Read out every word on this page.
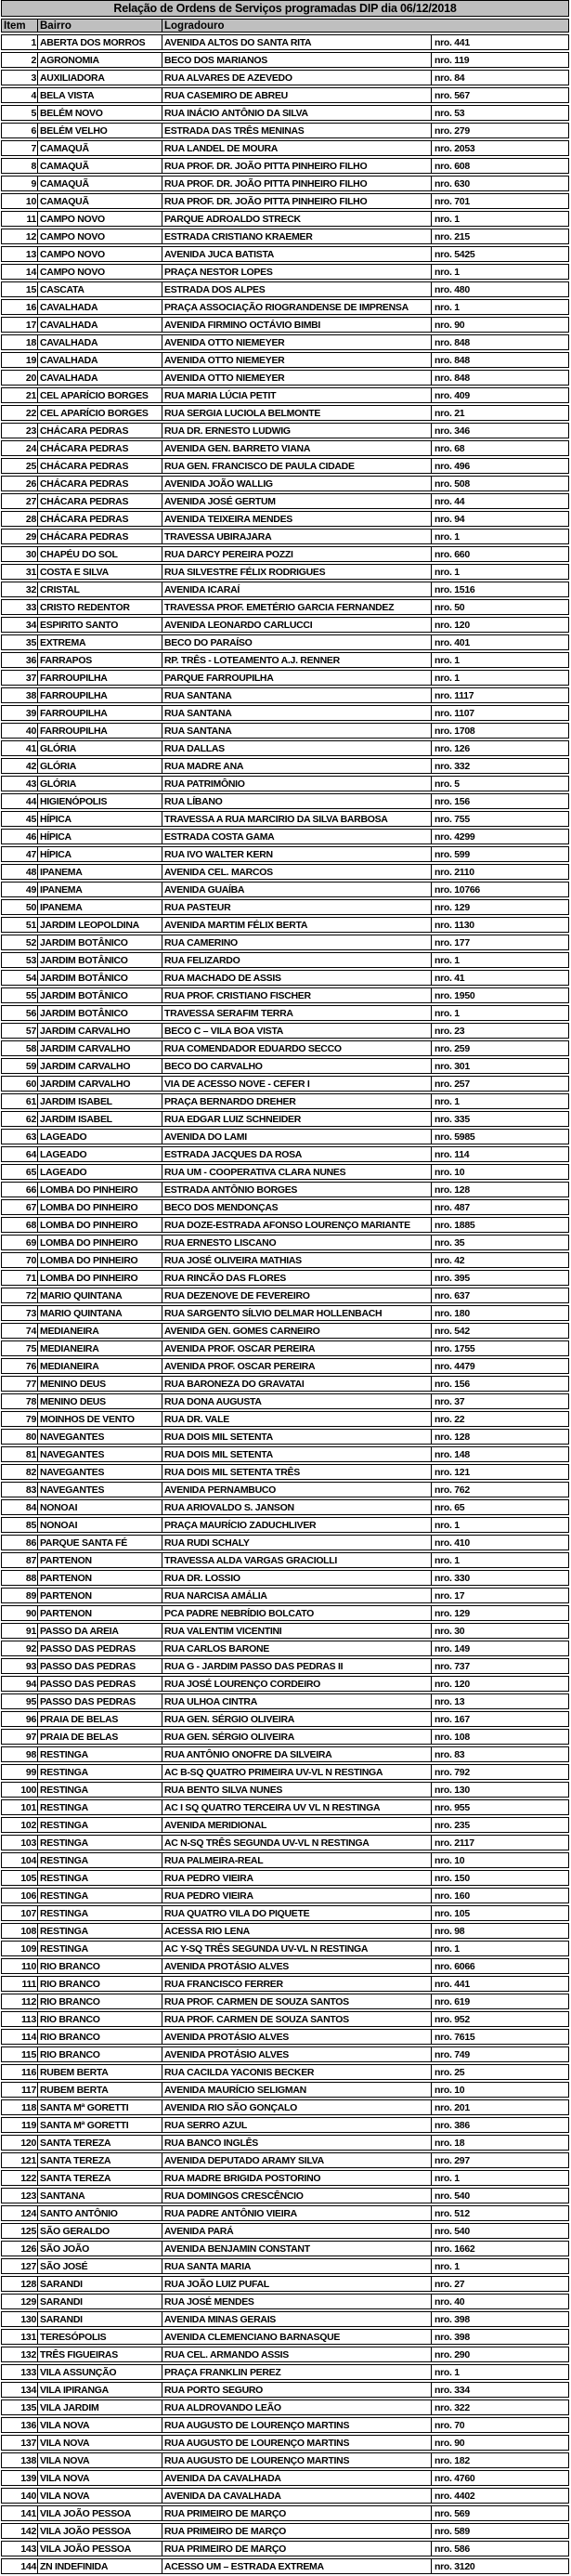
Relação de Ordens de Serviços programadas DIP dia 06/12/2018
Item	Bairro	Logradouro
1 ABERTA DOS MORROS	AVENIDA ALTOS DO SANTA RITA	nro. 441
2 AGRONOMIA	BECO DOS MARIANOS	nro. 119
3 AUXILIADORA	RUA ALVARES DE AZEVEDO	nro. 84
4 BELA VISTA	RUA CASEMIRO DE ABREU	nro. 567
5 BELÉM NOVO	RUA INÁCIO ANTÔNIO DA SILVA	nro. 53
6 BELÉM VELHO	ESTRADA DAS TRÊS MENINAS	nro. 279
7 CAMAQUÃ	RUA LANDEL DE MOURA	nro. 2053
8 CAMAQUÃ	RUA PROF. DR. JOÃO PITTA PINHEIRO FILHO	nro. 608
9 CAMAQUÃ	RUA PROF. DR. JOÃO PITTA PINHEIRO FILHO	nro. 630
10 CAMAQUÃ	RUA PROF. DR. JOÃO PITTA PINHEIRO FILHO	nro. 701
11 CAMPO NOVO	PARQUE ADROALDO STRECK	nro. 1
12 CAMPO NOVO	ESTRADA CRISTIANO KRAEMER	nro. 215
13 CAMPO NOVO	AVENIDA JUCA BATISTA	nro. 5425
14 CAMPO NOVO	PRAÇA NESTOR LOPES	nro. 1
15 CASCATA	ESTRADA DOS ALPES	nro. 480
16 CAVALHADA	PRAÇA ASSOCIAÇÃO RIOGRANDENSE DE IMPRENSA	nro. 1
17 CAVALHADA	AVENIDA FIRMINO OCTÁVIO BIMBI	nro. 90
18 CAVALHADA	AVENIDA OTTO NIEMEYER	nro. 848
19 CAVALHADA	AVENIDA OTTO NIEMEYER	nro. 848
20 CAVALHADA	AVENIDA OTTO NIEMEYER	nro. 848
21 CEL APARÍCIO BORGES	RUA MARIA LÚCIA PETIT	nro. 409
22 CEL APARÍCIO BORGES	RUA SERGIA LUCIOLA BELMONTE	nro. 21
23 CHÁCARA PEDRAS	RUA DR. ERNESTO LUDWIG	nro. 346
24 CHÁCARA PEDRAS	AVENIDA GEN. BARRETO VIANA	nro. 68
25 CHÁCARA PEDRAS	RUA GEN. FRANCISCO DE PAULA CIDADE	nro. 496
26 CHÁCARA PEDRAS	AVENIDA JOÃO WALLIG	nro. 508
27 CHÁCARA PEDRAS	AVENIDA JOSÉ GERTUM	nro. 44
28 CHÁCARA PEDRAS	AVENIDA TEIXEIRA MENDES	nro. 94
29 CHÁCARA PEDRAS	TRAVESSA UBIRAJARA	nro. 1
30 CHAPÉU DO SOL	RUA DARCY PEREIRA POZZI	nro. 660
31 COSTA E SILVA	RUA SILVESTRE FÉLIX RODRIGUES	nro. 1
32 CRISTAL	AVENIDA ICARAÍ	nro. 1516
33 CRISTO REDENTOR	TRAVESSA PROF. EMETÉRIO GARCIA FERNANDEZ	nro. 50
34 ESPIRITO SANTO	AVENIDA LEONARDO CARLUCCI	nro. 120
35 EXTREMA	BECO DO PARAÍSO	nro. 401
36 FARRAPOS	RP. TRÊS - LOTEAMENTO A.J. RENNER	nro. 1
37 FARROUPILHA	PARQUE FARROUPILHA	nro. 1
38 FARROUPILHA	RUA SANTANA	nro. 1117
39 FARROUPILHA	RUA SANTANA	nro. 1107
40 FARROUPILHA	RUA SANTANA	nro. 1708
41 GLÓRIA	RUA DALLAS	nro. 126
42 GLÓRIA	RUA MADRE ANA	nro. 332
43 GLÓRIA	RUA PATRIMÔNIO	nro. 5
44 HIGIENÓPOLIS	RUA LÍBANO	nro. 156
45 HÍPICA	TRAVESSA A RUA MARCIRIO DA SILVA BARBOSA	nro. 755
46 HÍPICA	ESTRADA COSTA GAMA	nro. 4299
47 HÍPICA	RUA IVO WALTER KERN	nro. 599
48 IPANEMA	AVENIDA CEL. MARCOS	nro. 2110
49 IPANEMA	AVENIDA GUAÍBA	nro. 10766
50 IPANEMA	RUA PASTEUR	nro. 129
51 JARDIM LEOPOLDINA	AVENIDA MARTIM FÉLIX BERTA	nro. 1130
52 JARDIM BOTÂNICO	RUA CAMERINO	nro. 177
53 JARDIM BOTÂNICO	RUA FELIZARDO	nro. 1
54 JARDIM BOTÂNICO	RUA MACHADO DE ASSIS	nro. 41
55 JARDIM BOTÂNICO	RUA PROF. CRISTIANO FISCHER	nro. 1950
56 JARDIM BOTÂNICO	TRAVESSA SERAFIM TERRA	nro. 1
57 JARDIM CARVALHO	BECO C – VILA BOA VISTA	nro. 23
58 JARDIM CARVALHO	RUA COMENDADOR EDUARDO SECCO	nro. 259
59 JARDIM CARVALHO	BECO DO CARVALHO	nro. 301
60 JARDIM CARVALHO	VIA DE ACESSO NOVE - CEFER I	nro. 257
61 JARDIM ISABEL	PRAÇA BERNARDO DREHER	nro. 1
62 JARDIM ISABEL	RUA EDGAR LUIZ SCHNEIDER	nro. 335
63 LAGEADO	AVENIDA DO LAMI	nro. 5985
64 LAGEADO	ESTRADA JACQUES DA ROSA	nro. 114
65 LAGEADO	RUA UM - COOPERATIVA CLARA NUNES	nro. 10
66 LOMBA DO PINHEIRO	ESTRADA ANTÔNIO BORGES	nro. 128
67 LOMBA DO PINHEIRO	BECO DOS MENDONÇAS	nro. 487
68 LOMBA DO PINHEIRO	RUA DOZE-ESTRADA AFONSO LOURENÇO MARIANTE	nro. 1885
69 LOMBA DO PINHEIRO	RUA ERNESTO LISCANO	nro. 35
70 LOMBA DO PINHEIRO	RUA JOSÉ OLIVEIRA MATHIAS	nro. 42
71 LOMBA DO PINHEIRO	RUA RINCÃO DAS FLORES	nro. 395
72 MARIO QUINTANA	RUA DEZENOVE DE FEVEREIRO	nro. 637
73 MARIO QUINTANA	RUA SARGENTO SÍLVIO DELMAR HOLLENBACH	nro. 180
74 MEDIANEIRA	AVENIDA GEN. GOMES CARNEIRO	nro. 542
75 MEDIANEIRA	AVENIDA PROF. OSCAR PEREIRA	nro. 1755
76 MEDIANEIRA	AVENIDA PROF. OSCAR PEREIRA	nro. 4479
77 MENINO DEUS	RUA BARONEZA DO GRAVATAI	nro. 156
78 MENINO DEUS	RUA DONA AUGUSTA	nro. 37
79 MOINHOS DE VENTO	RUA DR. VALE	nro. 22
80 NAVEGANTES	RUA DOIS MIL SETENTA	nro. 128
81 NAVEGANTES	RUA DOIS MIL SETENTA	nro. 148
82 NAVEGANTES	RUA DOIS MIL SETENTA TRÊS	nro. 121
83 NAVEGANTES	AVENIDA PERNAMBUCO	nro. 762
84 NONOAI	RUA ARIOVALDO S. JANSON	nro. 65
85 NONOAI	PRAÇA MAURÍCIO ZADUCHLIVER	nro. 1
86 PARQUE SANTA FÉ	RUA RUDI SCHALY	nro. 410
87 PARTENON	TRAVESSA ALDA VARGAS GRACIOLLI	nro. 1
88 PARTENON	RUA DR. LOSSIO	nro. 330
89 PARTENON	RUA NARCISA AMÁLIA	nro. 17
90 PARTENON	PCA PADRE NEBRÍDIO BOLCATO	nro. 129
91 PASSO DA AREIA	RUA VALENTIM VICENTINI	nro. 30
92 PASSO DAS PEDRAS	RUA CARLOS BARONE	nro. 149
93 PASSO DAS PEDRAS	RUA G - JARDIM PASSO DAS PEDRAS II	nro. 737
94 PASSO DAS PEDRAS	RUA JOSÉ LOURENÇO CORDEIRO	nro. 120
95 PASSO DAS PEDRAS	RUA ULHOA CINTRA	nro. 13
96 PRAIA DE BELAS	RUA GEN. SÉRGIO OLIVEIRA	nro. 167
97 PRAIA DE BELAS	RUA GEN. SÉRGIO OLIVEIRA	nro. 108
98 RESTINGA	RUA ANTÔNIO ONOFRE DA SILVEIRA	nro. 83
99 RESTINGA	AC B-SQ QUATRO PRIMEIRA UV-VL N RESTINGA	nro. 792
100 RESTINGA	RUA BENTO SILVA NUNES	nro. 130
101 RESTINGA	AC I SQ QUATRO TERCEIRA UV VL N RESTINGA	nro. 955
102 RESTINGA	AVENIDA MERIDIONAL	nro. 235
103 RESTINGA	AC N-SQ TRÊS SEGUNDA UV-VL N RESTINGA	nro. 2117
104 RESTINGA	RUA PALMEIRA-REAL	nro. 10
105 RESTINGA	RUA PEDRO VIEIRA	nro. 150
106 RESTINGA	RUA PEDRO VIEIRA	nro. 160
107 RESTINGA	RUA QUATRO VILA DO PIQUETE	nro. 105
108 RESTINGA	ACESSA RIO LENA	nro. 98
109 RESTINGA	AC Y-SQ TRÊS SEGUNDA UV-VL N RESTINGA	nro. 1
110 RIO BRANCO	AVENIDA PROTÁSIO ALVES	nro. 6066
111 RIO BRANCO	RUA FRANCISCO FERRER	nro. 441
112 RIO BRANCO	RUA PROF. CARMEN DE SOUZA SANTOS	nro. 619
113 RIO BRANCO	RUA PROF. CARMEN DE SOUZA SANTOS	nro. 952
114 RIO BRANCO	AVENIDA PROTÁSIO ALVES	nro. 7615
115 RIO BRANCO	AVENIDA PROTÁSIO ALVES	nro. 749
116 RUBEM BERTA	RUA CACILDA YACONIS BECKER	nro. 25
117 RUBEM BERTA	AVENIDA MAURÍCIO SELIGMAN	nro. 10
118 SANTA Mª GORETTI	AVENIDA RIO SÃO GONÇALO	nro. 201
119 SANTA Mª GORETTI	RUA SERRO AZUL	nro. 386
120 SANTA TEREZA	RUA BANCO INGLÊS	nro. 18
121 SANTA TEREZA	AVENIDA DEPUTADO ARAMY SILVA	nro. 297
122 SANTA TEREZA	RUA MADRE BRIGIDA POSTORINO	nro. 1
123 SANTANA	RUA DOMINGOS CRESCÊNCIO	nro. 540
124 SANTO ANTÔNIO	RUA PADRE ANTÔNIO VIEIRA	nro. 512
125 SÃO GERALDO	AVENIDA PARÁ	nro. 540
126 SÃO JOÃO	AVENIDA BENJAMIN CONSTANT	nro. 1662
127 SÃO JOSÉ	RUA SANTA MARIA	nro. 1
128 SARANDI	RUA JOÃO LUIZ PUFAL	nro. 27
129 SARANDI	RUA JOSÉ MENDES	nro. 40
130 SARANDI	AVENIDA MINAS GERAIS	nro. 398
131 TERESÓPOLIS	AVENIDA CLEMENCIANO BARNASQUE	nro. 398
132 TRÊS FIGUEIRAS	RUA CEL. ARMANDO ASSIS	nro. 290
133 VILA ASSUNÇÃO	PRAÇA FRANKLIN PEREZ	nro. 1
134 VILA IPIRANGA	RUA PORTO SEGURO	nro. 334
135 VILA JARDIM	RUA ALDROVANDO LEÃO	nro. 322
136 VILA NOVA	RUA AUGUSTO DE LOURENÇO MARTINS	nro. 70
137 VILA NOVA	RUA AUGUSTO DE LOURENÇO MARTINS	nro. 90
138 VILA NOVA	RUA AUGUSTO DE LOURENÇO MARTINS	nro. 182
139 VILA NOVA	AVENIDA DA CAVALHADA	nro. 4760
140 VILA NOVA	AVENIDA DA CAVALHADA	nro. 4402
141 VILA JOÃO PESSOA	RUA PRIMEIRO DE MARÇO	nro. 569
142 VILA JOÃO PESSOA	RUA PRIMEIRO DE MARÇO	nro. 589
143 VILA JOÃO PESSOA	RUA PRIMEIRO DE MARÇO	nro. 586
144 ZN INDEFINIDA	ACESSO UM – ESTRADA EXTREMA	nro. 3120
